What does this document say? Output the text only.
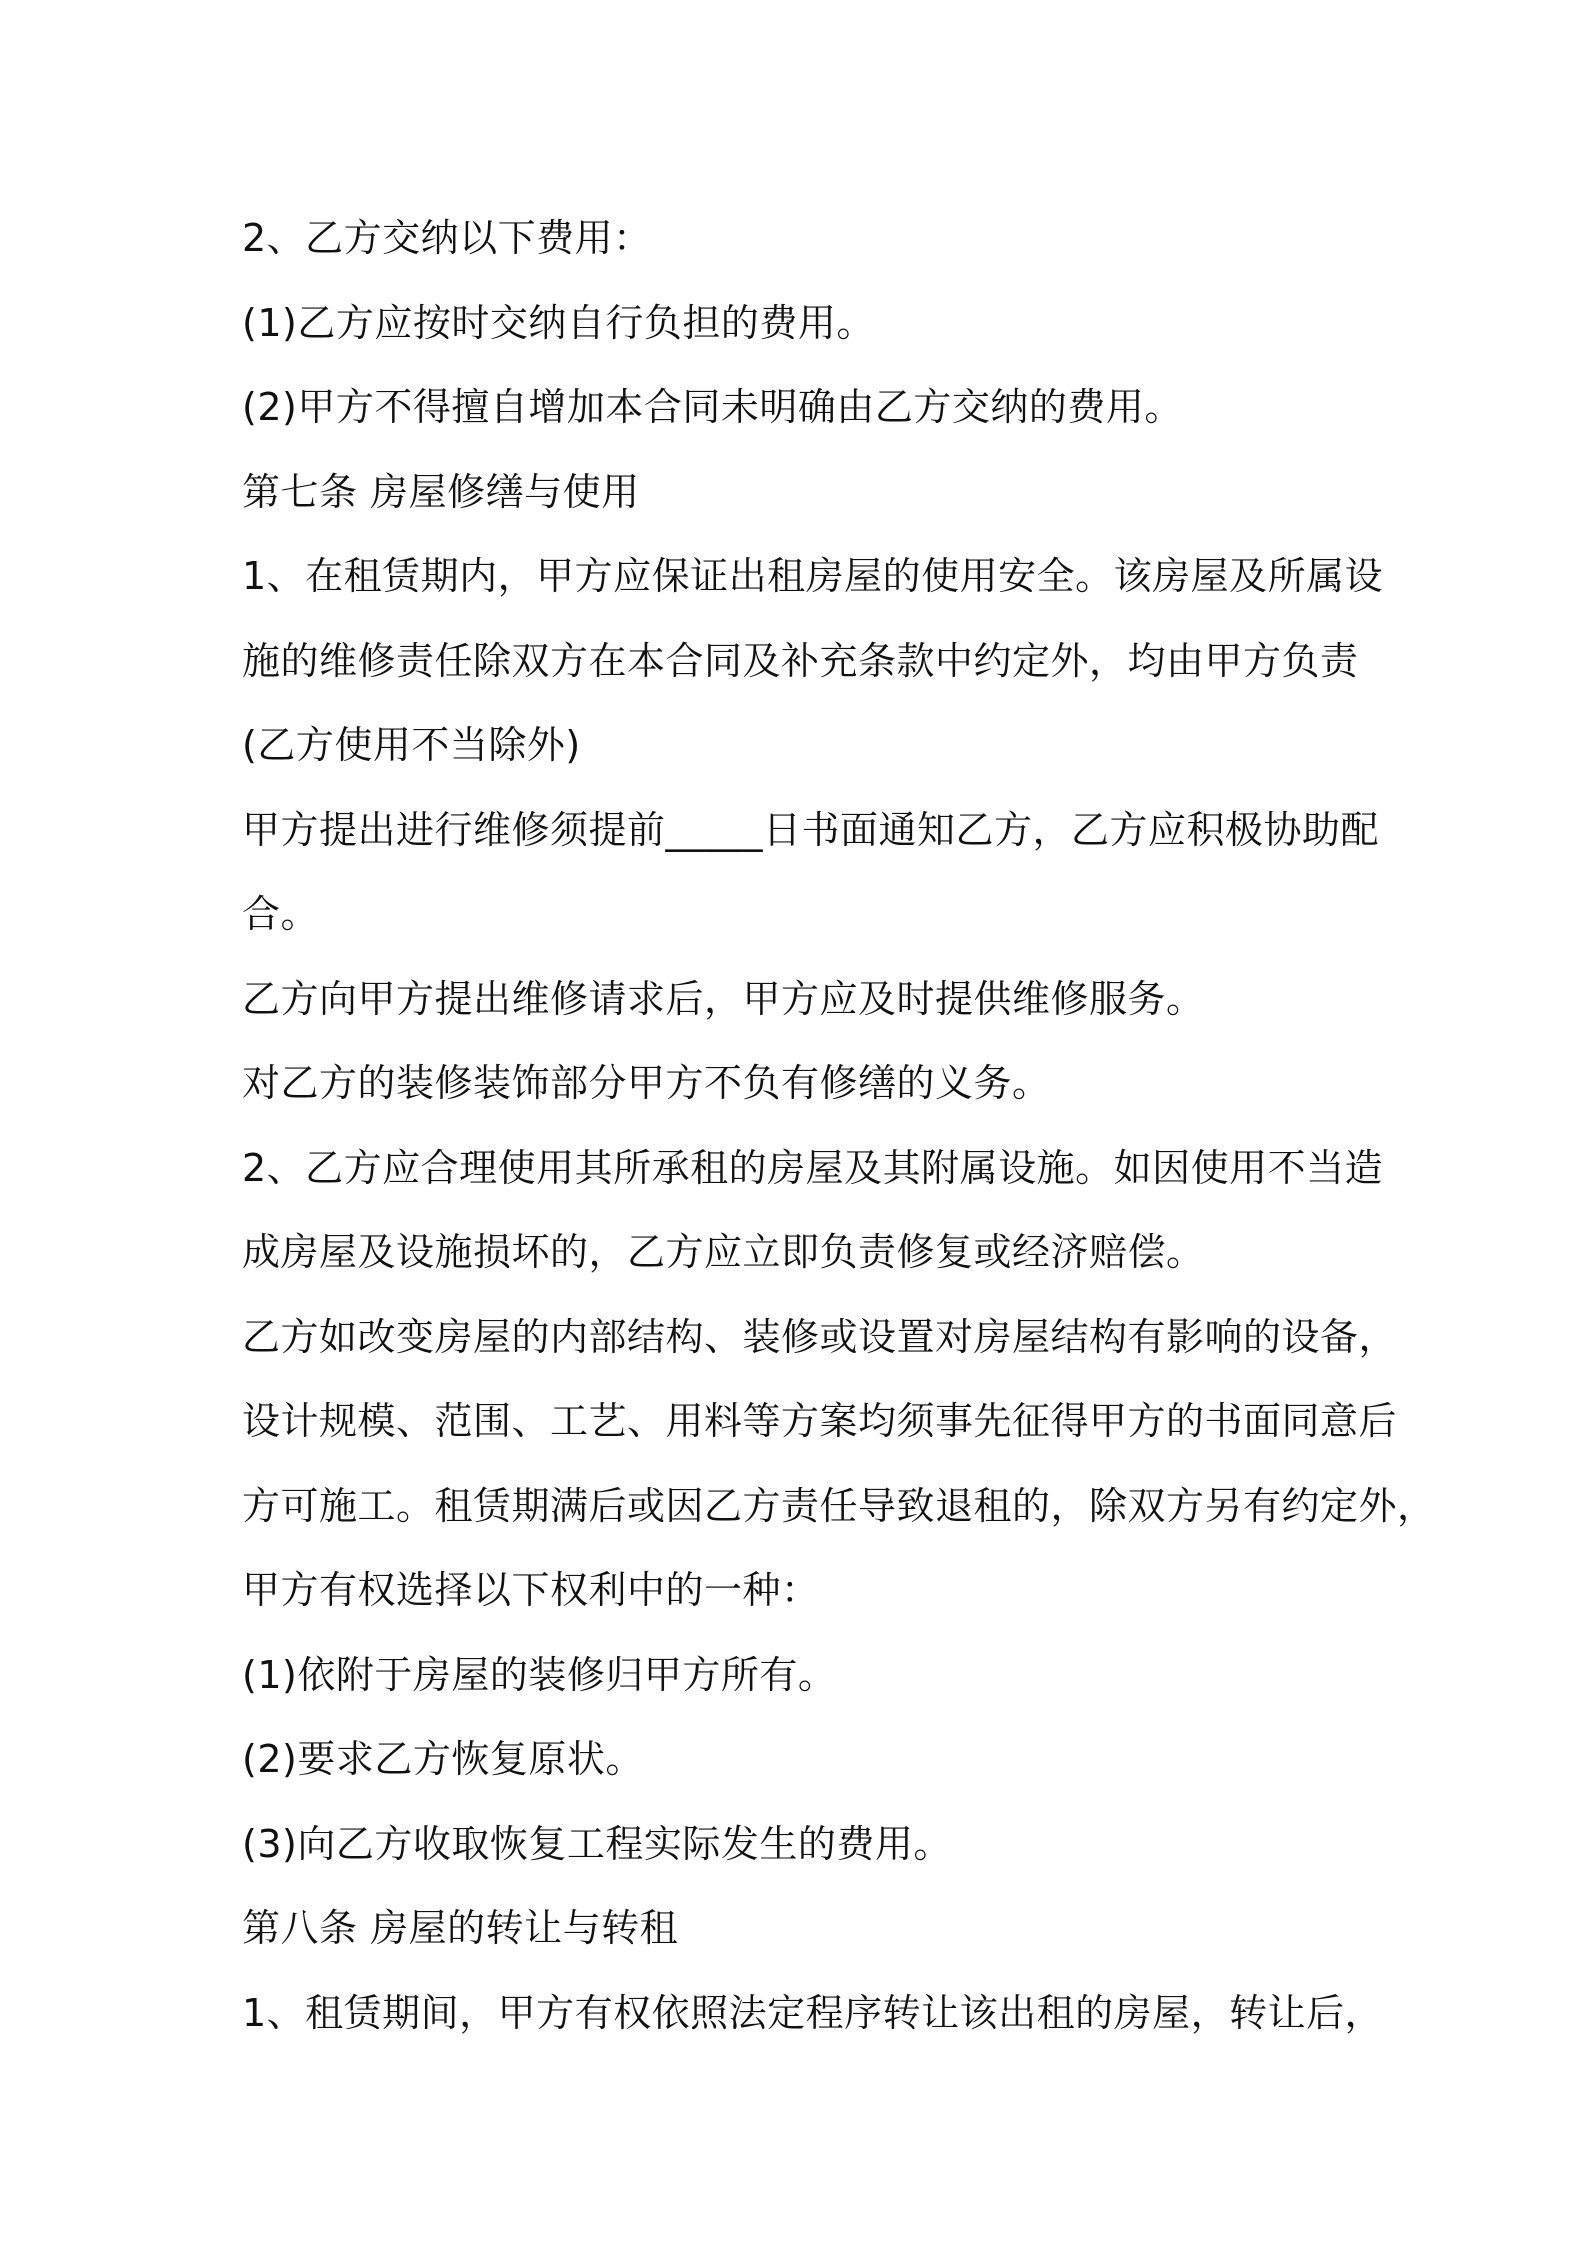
2、乙方交纳以下费用：
(1)乙方应按时交纳自行负担的费用。
(2)甲方不得擅自增加本合同未明确由乙方交纳的费用。
第七条 房屋修缮与使用
1、在租赁期内，甲方应保证出租房屋的使用安全。该房屋及所属设
施的维修责任除双方在本合同及补充条款中约定外，均由甲方负责
(乙方使用不当除外)
甲方提出进行维修须提前_____日书面通知乙方，乙方应积极协助配
合。
乙方向甲方提出维修请求后，甲方应及时提供维修服务。
对乙方的装修装饰部分甲方不负有修缮的义务。
2、乙方应合理使用其所承租的房屋及其附属设施。如因使用不当造
成房屋及设施损坏的，乙方应立即负责修复或经济赔偿。
乙方如改变房屋的内部结构、装修或设置对房屋结构有影响的设备，
设计规模、范围、工艺、用料等方案均须事先征得甲方的书面同意后
方可施工。租赁期满后或因乙方责任导致退租的，除双方另有约定外，
甲方有权选择以下权利中的一种：
(1)依附于房屋的装修归甲方所有。
(2)要求乙方恢复原状。
(3)向乙方收取恢复工程实际发生的费用。
第八条 房屋的转让与转租
1、租赁期间，甲方有权依照法定程序转让该出租的房屋，转让后，
